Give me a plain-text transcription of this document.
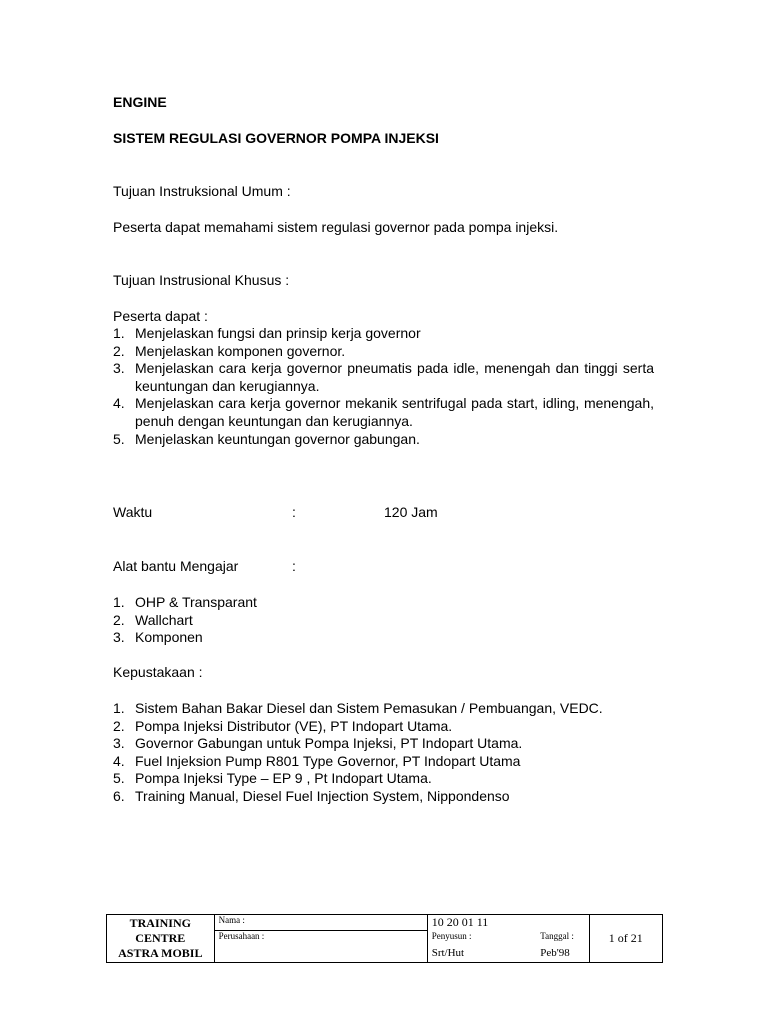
ENGINE
SISTEM REGULASI GOVERNOR POMPA INJEKSI
Tujuan Instruksional Umum :
Peserta dapat memahami sistem regulasi governor pada pompa injeksi.
Tujuan Instrusional Khusus :
Peserta dapat :
1. Menjelaskan fungsi dan prinsip kerja governor
2. Menjelaskan komponen governor.
3. Menjelaskan cara kerja governor pneumatis pada idle, menengah dan tinggi serta keuntungan dan kerugiannya.
4. Menjelaskan cara kerja governor mekanik sentrifugal pada start, idling, menengah, penuh dengan keuntungan dan kerugiannya.
5. Menjelaskan keuntungan governor gabungan.
Waktu	:	120 Jam
Alat bantu Mengajar	:
1. OHP & Transparant
2. Wallchart
3. Komponen
Kepustakaan :
1. Sistem Bahan Bakar Diesel dan Sistem Pemasukan / Pembuangan, VEDC.
2. Pompa Injeksi Distributor (VE), PT Indopart Utama.
3. Governor Gabungan untuk Pompa Injeksi, PT Indopart Utama.
4. Fuel Injeksion Pump R801 Type Governor, PT Indopart Utama
5. Pompa Injeksi Type – EP 9 , Pt Indopart Utama.
6. Training Manual, Diesel Fuel Injection System, Nippondenso
TRAINING
CENTRE
ASTRA MOBIL	Nama :	10 20 01 11		1 of 21
	Perusahaan :	Penyusun :	Tanggal :	
		Srt/Hut	Peb'98	
